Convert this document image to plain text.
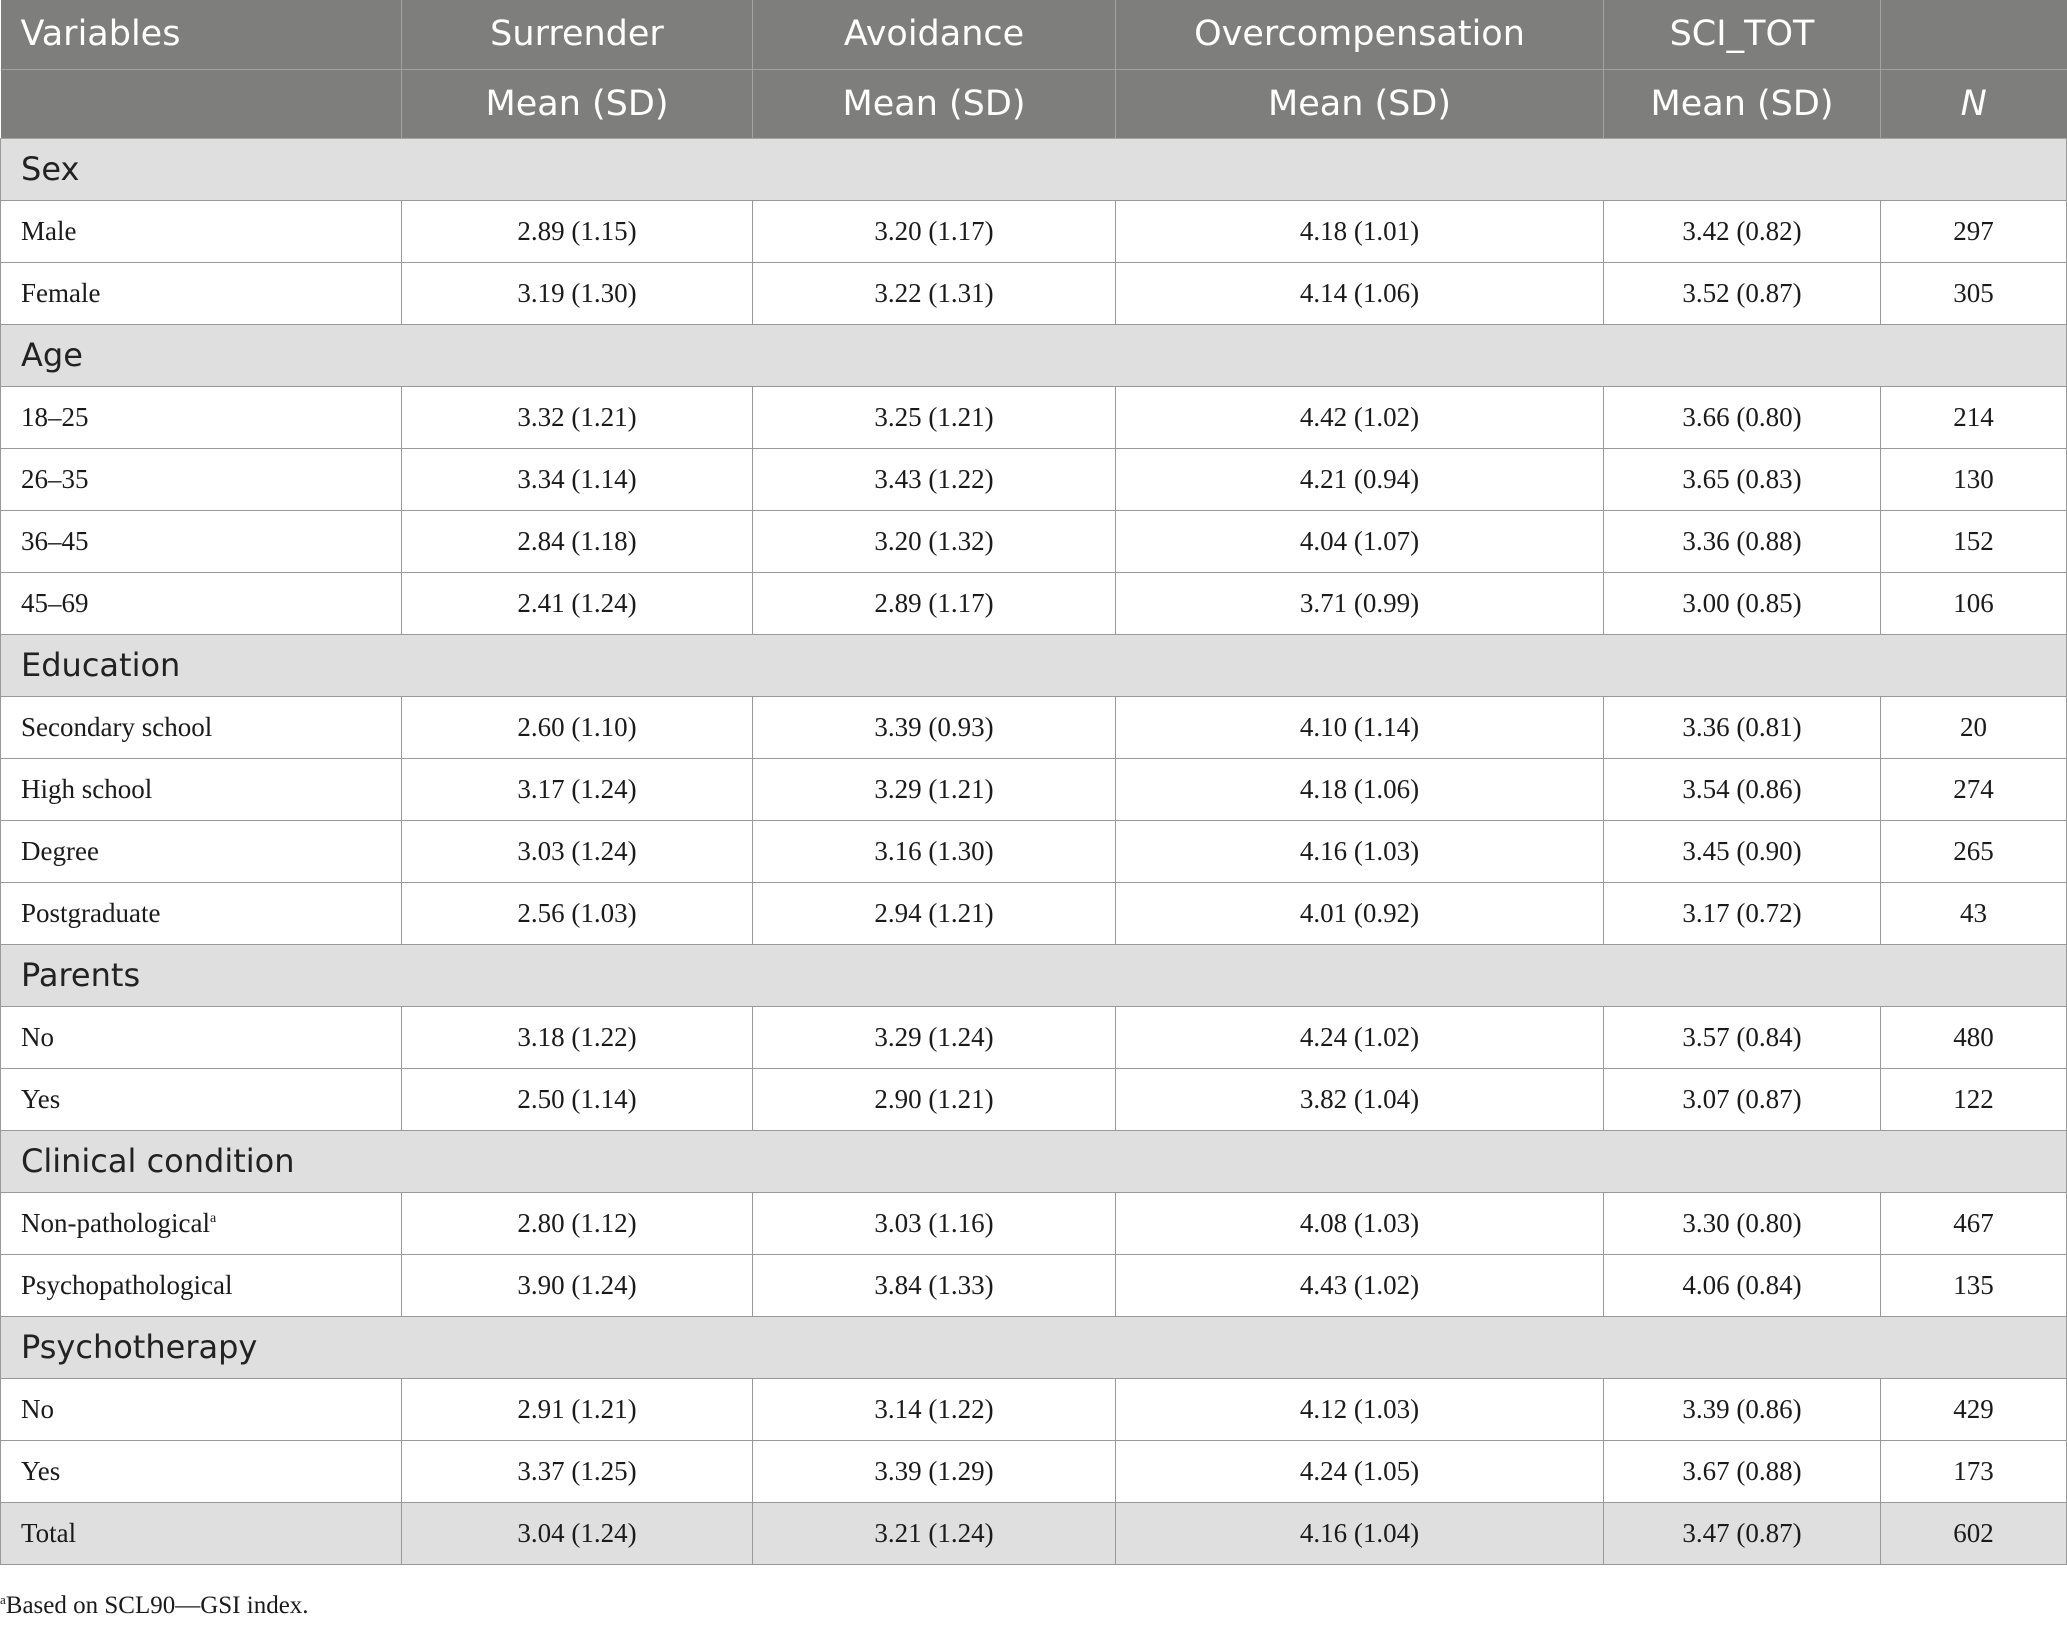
Variables	Surrender	Avoidance	Overcompensation	SCI_TOT	
	Mean (SD)	Mean (SD)	Mean (SD)	Mean (SD)	N
Sex					
Male	2.89 (1.15)	3.20 (1.17)	4.18 (1.01)	3.42 (0.82)	297
Female	3.19 (1.30)	3.22 (1.31)	4.14 (1.06)	3.52 (0.87)	305
Age					
18–25	3.32 (1.21)	3.25 (1.21)	4.42 (1.02)	3.66 (0.80)	214
26–35	3.34 (1.14)	3.43 (1.22)	4.21 (0.94)	3.65 (0.83)	130
36–45	2.84 (1.18)	3.20 (1.32)	4.04 (1.07)	3.36 (0.88)	152
45–69	2.41 (1.24)	2.89 (1.17)	3.71 (0.99)	3.00 (0.85)	106
Education					
Secondary school	2.60 (1.10)	3.39 (0.93)	4.10 (1.14)	3.36 (0.81)	20
High school	3.17 (1.24)	3.29 (1.21)	4.18 (1.06)	3.54 (0.86)	274
Degree	3.03 (1.24)	3.16 (1.30)	4.16 (1.03)	3.45 (0.90)	265
Postgraduate	2.56 (1.03)	2.94 (1.21)	4.01 (0.92)	3.17 (0.72)	43
Parents					
No	3.18 (1.22)	3.29 (1.24)	4.24 (1.02)	3.57 (0.84)	480
Yes	2.50 (1.14)	2.90 (1.21)	3.82 (1.04)	3.07 (0.87)	122
Clinical condition					
Non-pathological$^a$	2.80 (1.12)	3.03 (1.16)	4.08 (1.03)	3.30 (0.80)	467
Psychopathological	3.90 (1.24)	3.84 (1.33)	4.43 (1.02)	4.06 (0.84)	135
Psychotherapy					
No	2.91 (1.21)	3.14 (1.22)	4.12 (1.03)	3.39 (0.86)	429
Yes	3.37 (1.25)	3.39 (1.29)	4.24 (1.05)	3.67 (0.88)	173
Total	3.04 (1.24)	3.21 (1.24)	4.16 (1.04)	3.47 (0.87)	602
$^a$Based on SCL90—GSI index.
